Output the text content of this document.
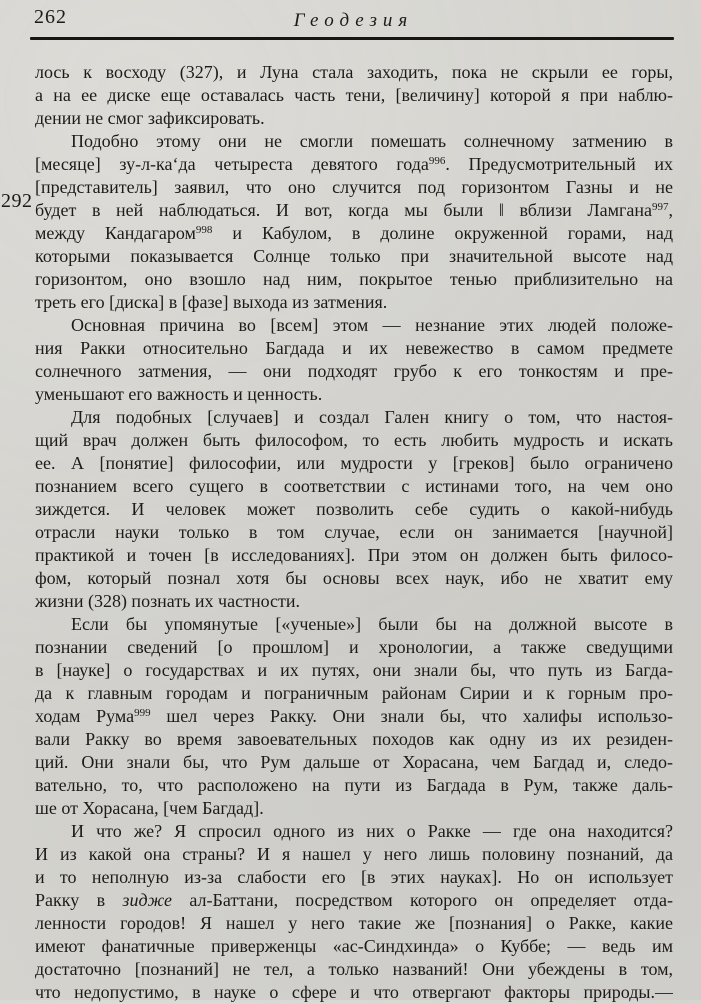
262	Геодезия
292
лось к восходу (327), и Луна стала заходить, пока не скрыли ее горы,
а на ее диске еще оставалась часть тени, [величину] которой я при наблю-
дении не смог зафиксировать.
Подобно этому они не смогли помешать солнечному затмению в
[месяце] зу-л-ка‘да четыреста девятого года$^{996}$. Предусмотрительный их
[представитель] заявил, что оно случится под горизонтом Газны и не
будет в ней наблюдаться. И вот, когда мы были ‖ вблизи Ламгана$^{997}$,
между Кандагаром$^{998}$ и Кабулом, в долине окруженной горами, над
которыми показывается Солнце только при значительной высоте над
горизонтом, оно взошло над ним, покрытое тенью приблизительно на
треть его [диска] в [фазе] выхода из затмения.
Основная причина во [всем] этом — незнание этих людей положе-
ния Ракки относительно Багдада и их невежество в самом предмете
солнечного затмения, — они подходят грубо к его тонкостям и пре-
уменьшают его важность и ценность.
Для подобных [случаев] и создал Гален книгу о том, что настоя-
щий врач должен быть философом, то есть любить мудрость и искать
ее. А [понятие] философии, или мудрости у [греков] было ограничено
познанием всего сущего в соответствии с истинами того, на чем оно
зиждется. И человек может позволить себе судить о какой-нибудь
отрасли науки только в том случае, если он занимается [научной]
практикой и точен [в исследованиях]. При этом он должен быть филосо-
фом, который познал хотя бы основы всех наук, ибо не хватит ему
жизни (328) познать их частности.
Если бы упомянутые [«ученые»] были бы на должной высоте в
познании сведений [о прошлом] и хронологии, а также сведущими
в [науке] о государствах и их путях, они знали бы, что путь из Багда-
да к главным городам и пограничным районам Сирии и к горным про-
ходам Рума$^{999}$ шел через Ракку. Они знали бы, что халифы использо-
вали Ракку во время завоевательных походов как одну из их резиден-
ций. Они знали бы, что Рум дальше от Хорасана, чем Багдад и, следо-
вательно, то, что расположено на пути из Багдада в Рум, также даль-
ше от Хорасана, [чем Багдад].
И что же? Я спросил одного из них о Ракке — где она находится?
И из какой она страны? И я нашел у него лишь половину познаний, да
и то неполную из-за слабости его [в этих науках]. Но он использует
Ракку в зидже ал-Баттани, посредством которого он определяет отда-
ленности городов! Я нашел у него такие же [познания] о Ракке, какие
имеют фанатичные приверженцы «ас-Синдхинда» о Куббе; — ведь им
достаточно [познаний] не тел, а только названий! Они убеждены в том,
что недопустимо, в науке о сфере и что отвергают факторы природы.—
